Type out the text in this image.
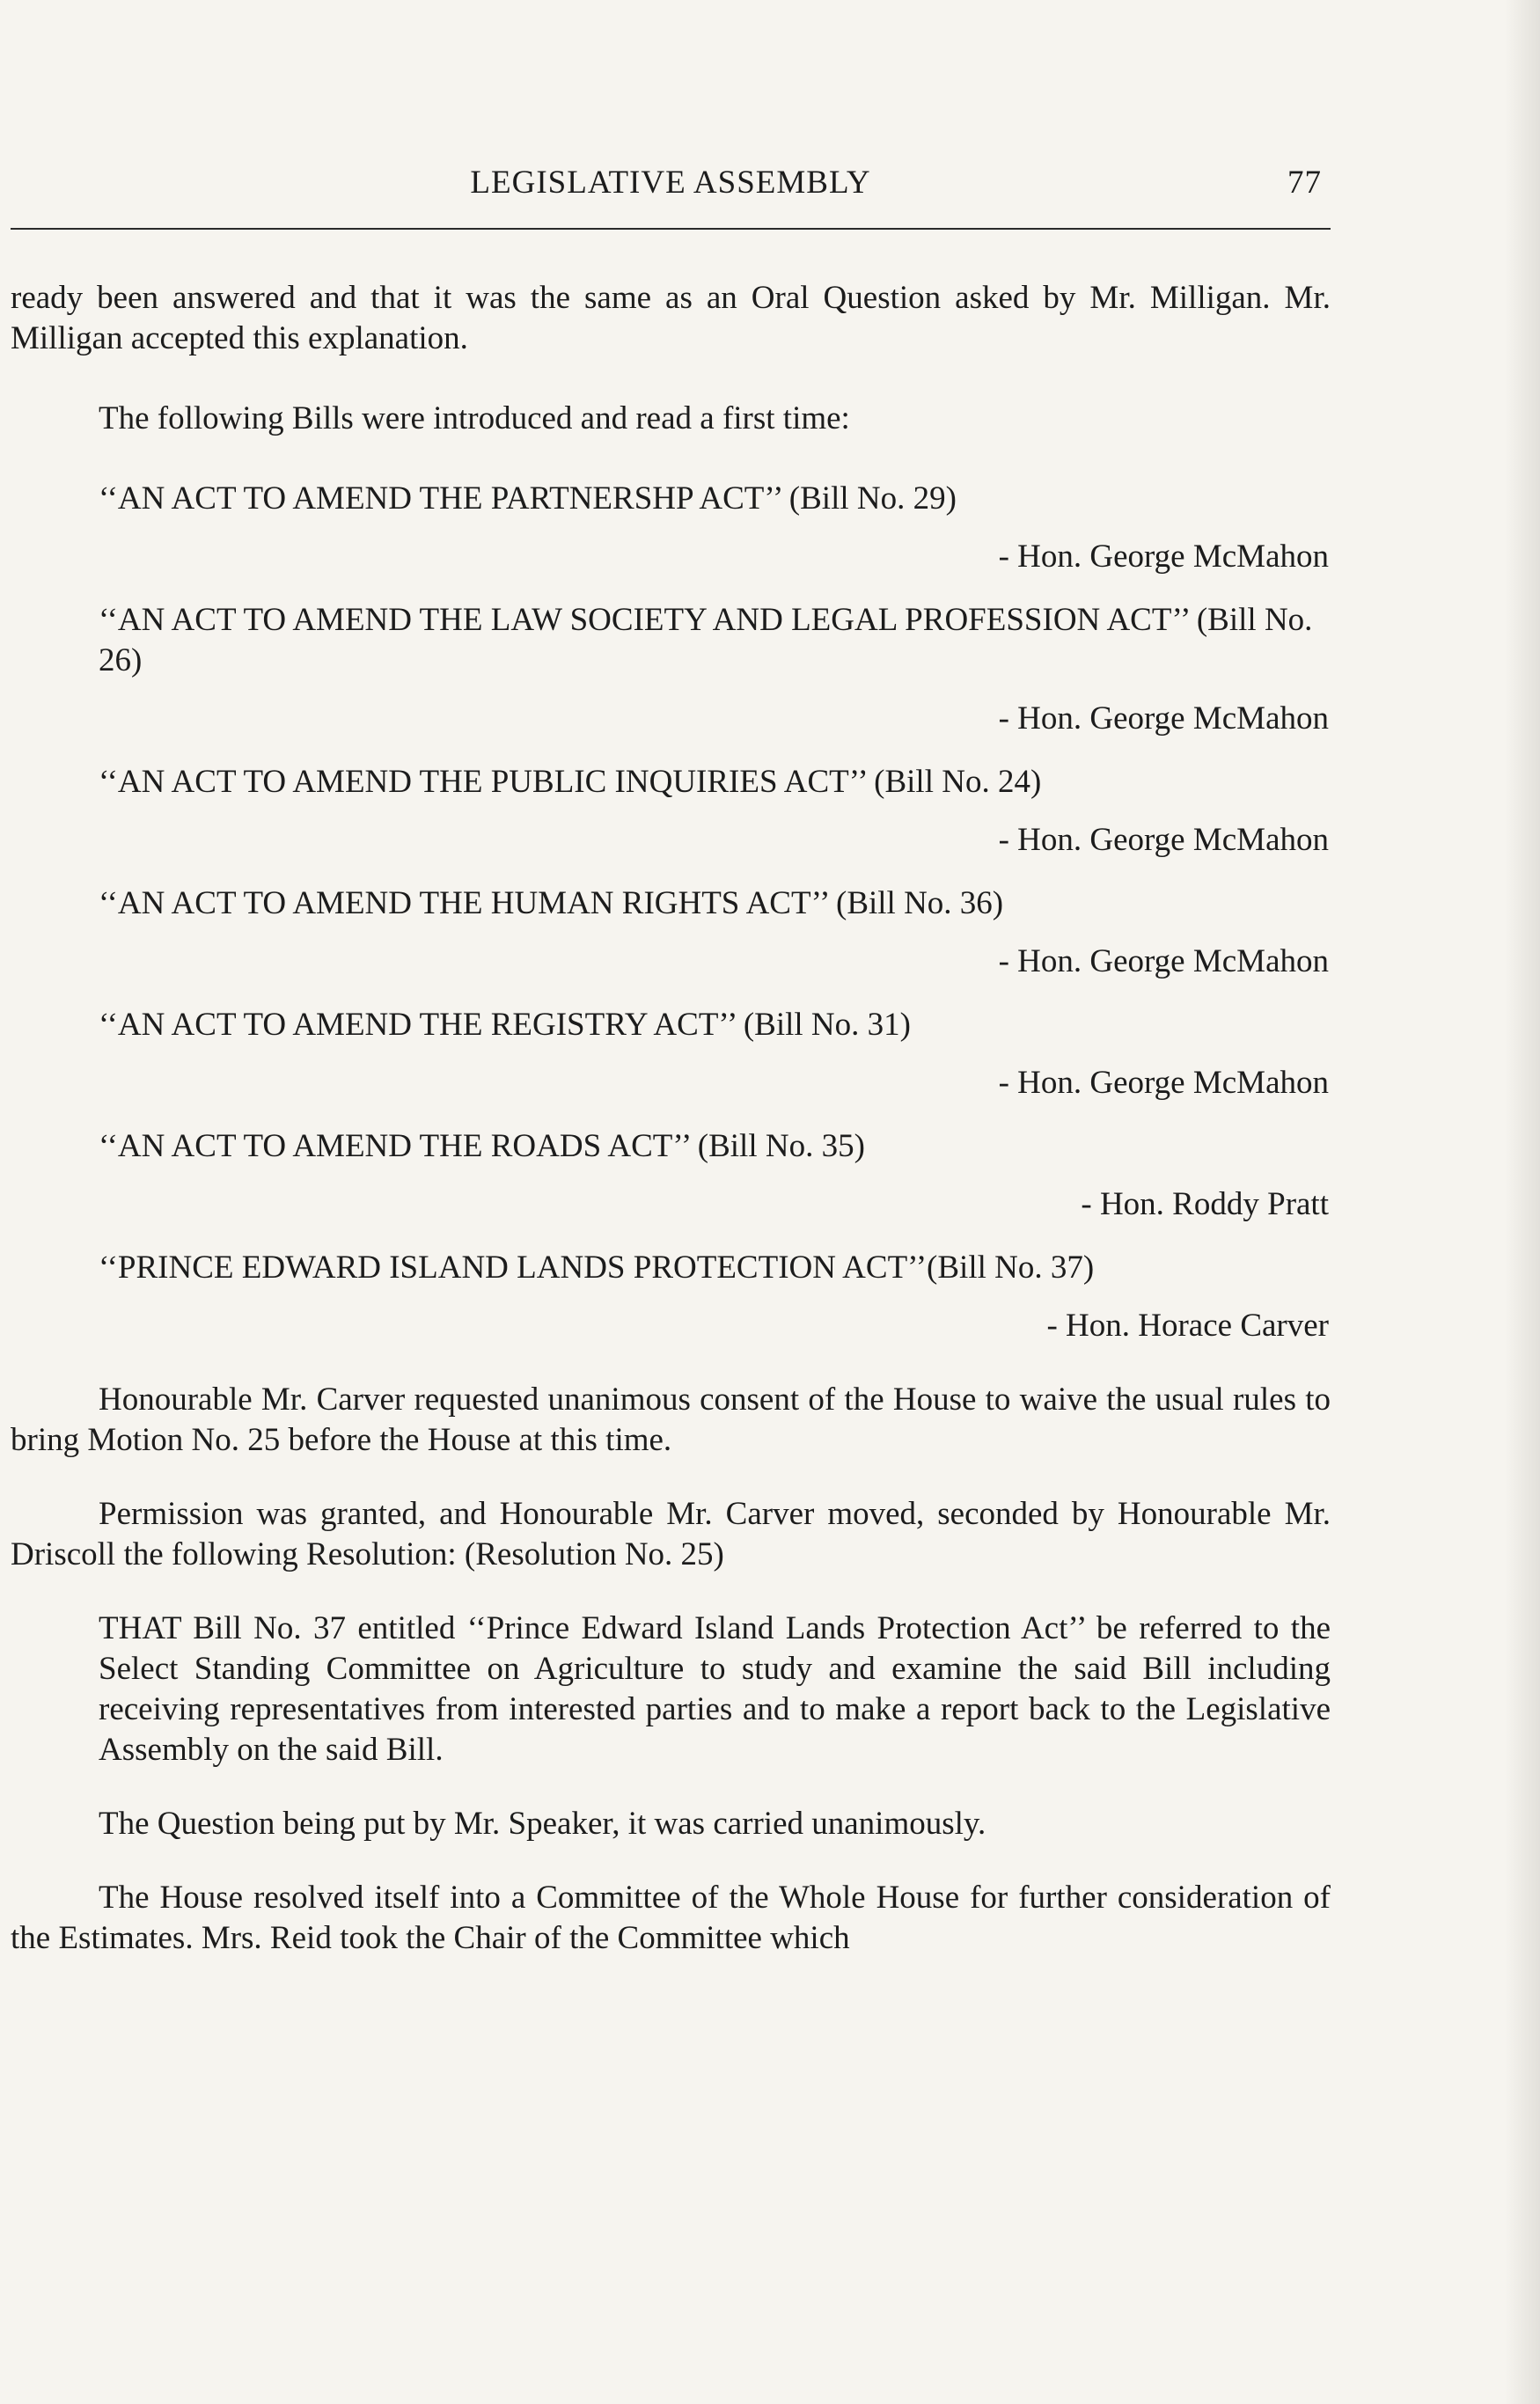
LEGISLATIVE ASSEMBLY	77

ready been answered and that it was the same as an Oral Question asked by Mr. Milligan. Mr. Milligan accepted this explanation.

The following Bills were introduced and read a first time:

‘‘AN ACT TO AMEND THE PARTNERSHP ACT’’ (Bill No. 29)

- Hon. George McMahon

‘‘AN ACT TO AMEND THE LAW SOCIETY AND LEGAL PROFESSION ACT’’ (Bill No. 26)

- Hon. George McMahon

‘‘AN ACT TO AMEND THE PUBLIC INQUIRIES ACT’’ (Bill No. 24)

- Hon. George McMahon

‘‘AN ACT TO AMEND THE HUMAN RIGHTS ACT’’ (Bill No. 36)

- Hon. George McMahon

‘‘AN ACT TO AMEND THE REGISTRY ACT’’ (Bill No. 31)

- Hon. George McMahon

‘‘AN ACT TO AMEND THE ROADS ACT’’ (Bill No. 35)

- Hon. Roddy Pratt

‘‘PRINCE EDWARD ISLAND LANDS PROTECTION ACT’’(Bill No. 37)

- Hon. Horace Carver

Honourable Mr. Carver requested unanimous consent of the House to waive the usual rules to bring Motion No. 25 before the House at this time.

Permission was granted, and Honourable Mr. Carver moved, seconded by Honourable Mr. Driscoll the following Resolution: (Resolution No. 25)

THAT Bill No. 37 entitled ‘‘Prince Edward Island Lands Protection Act’’ be referred to the Select Standing Committee on Agriculture to study and examine the said Bill including receiving representatives from interested parties and to make a report back to the Legislative Assembly on the said Bill.

The Question being put by Mr. Speaker, it was carried unanimously.

The House resolved itself into a Committee of the Whole House for further consideration of the Estimates. Mrs. Reid took the Chair of the Committee which
